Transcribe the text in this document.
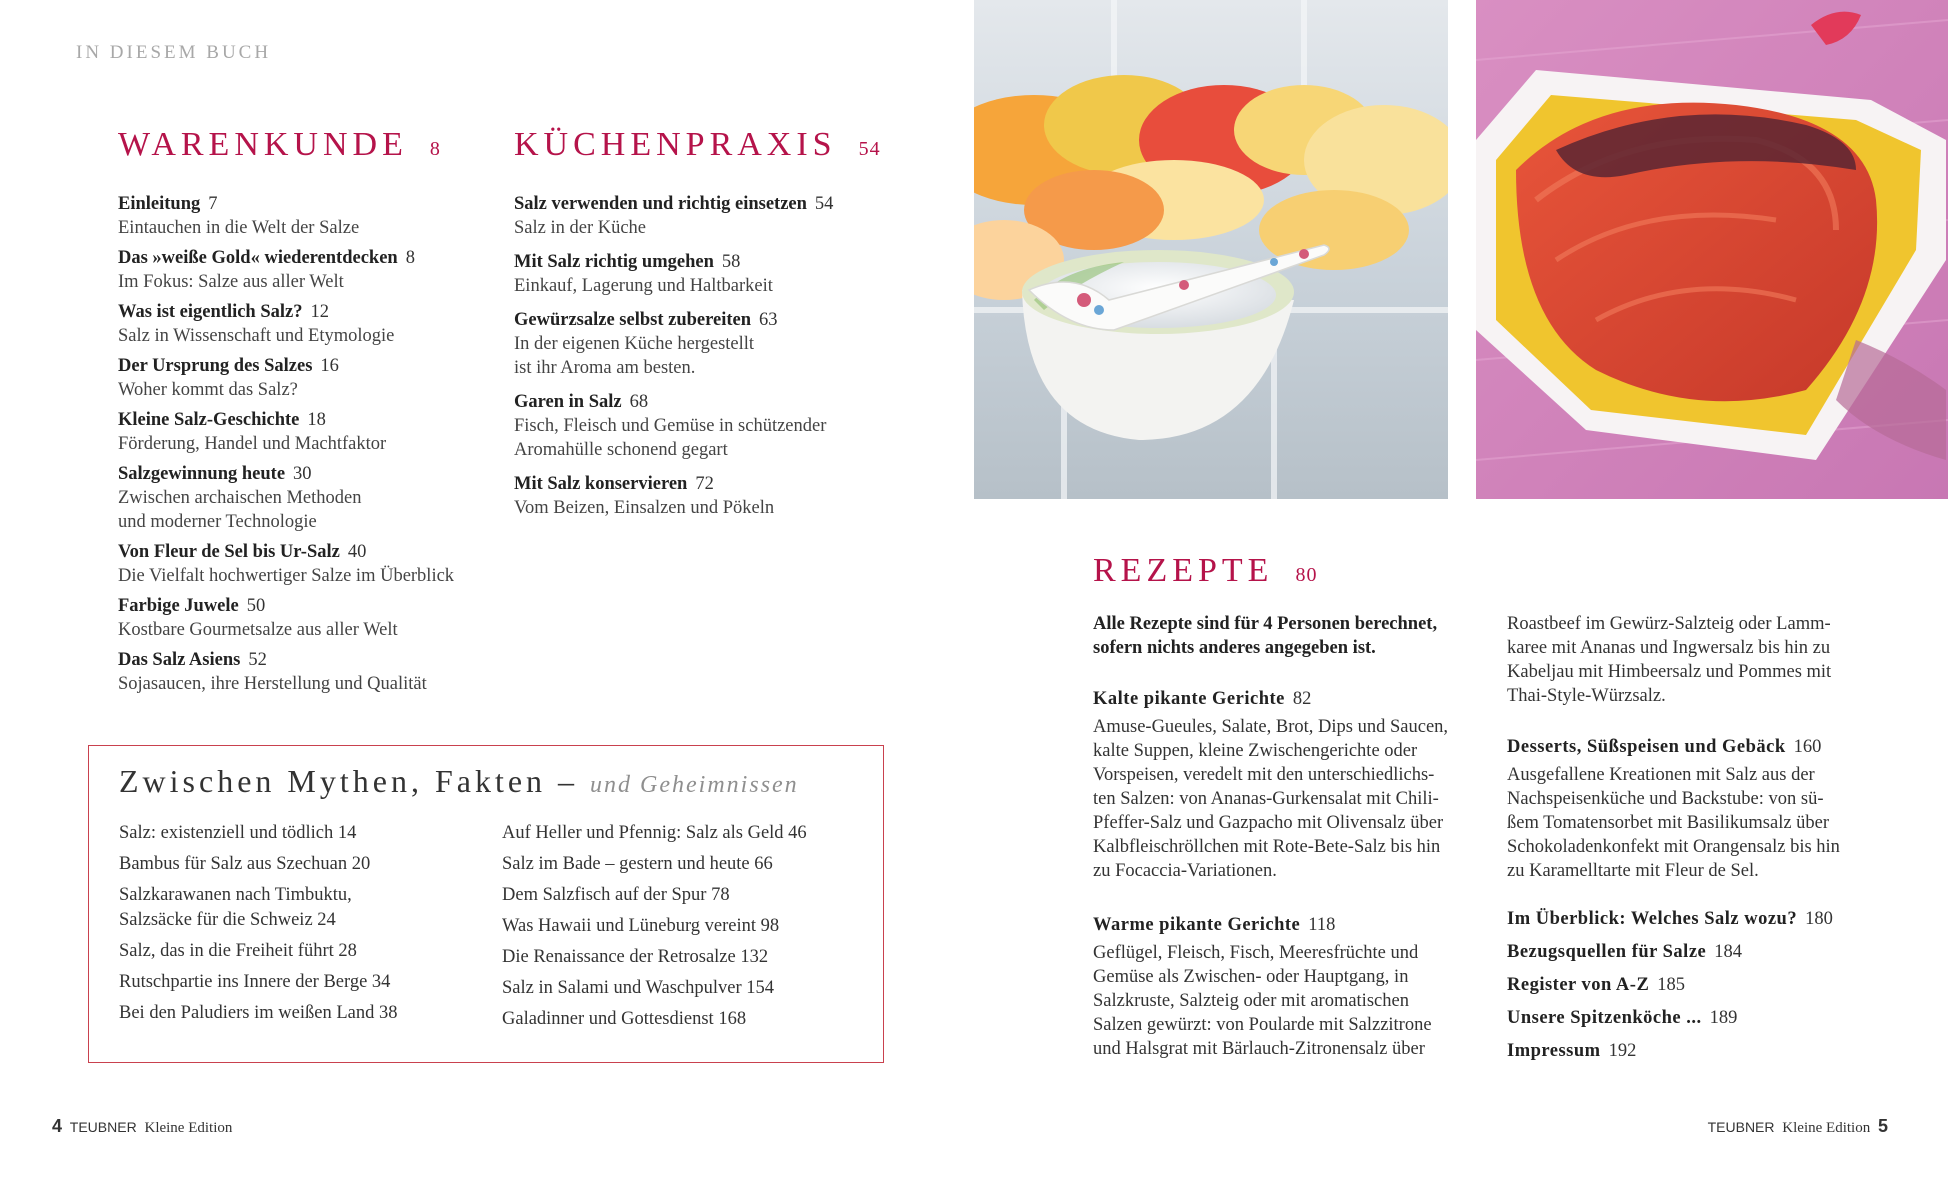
IN DIESEM BUCH
WARENKUNDE 8
Einleitung 7
Eintauchen in die Welt der Salze
Das »weiße Gold« wiederentdecken 8
Im Fokus: Salze aus aller Welt
Was ist eigentlich Salz? 12
Salz in Wissenschaft und Etymologie
Der Ursprung des Salzes 16
Woher kommt das Salz?
Kleine Salz-Geschichte 18
Förderung, Handel und Machtfaktor
Salzgewinnung heute 30
Zwischen archaischen Methoden
und moderner Technologie
Von Fleur de Sel bis Ur-Salz 40
Die Vielfalt hochwertiger Salze im Überblick
Farbige Juwele 50
Kostbare Gourmetsalze aus aller Welt
Das Salz Asiens 52
Sojasaucen, ihre Herstellung und Qualität
KÜCHENPRAXIS 54
Salz verwenden und richtig einsetzen 54
Salz in der Küche
Mit Salz richtig umgehen 58
Einkauf, Lagerung und Haltbarkeit
Gewürzsalze selbst zubereiten 63
In der eigenen Küche hergestellt
ist ihr Aroma am besten.
Garen in Salz 68
Fisch, Fleisch und Gemüse in schützender
Aromahülle schonend gegart
Mit Salz konservieren 72
Vom Beizen, Einsalzen und Pökeln
Zwischen Mythen, Fakten – und Geheimnissen
Salz: existenziell und tödlich 14
Bambus für Salz aus Szechuan 20
Salzkarawanen nach Timbuktu,
Salzsäcke für die Schweiz 24
Salz, das in die Freiheit führt 28
Rutschpartie ins Innere der Berge 34
Bei den Paludiers im weißen Land 38
Auf Heller und Pfennig: Salz als Geld 46
Salz im Bade – gestern und heute 66
Dem Salzfisch auf der Spur 78
Was Hawaii und Lüneburg vereint 98
Die Renaissance der Retrosalze 132
Salz in Salami und Waschpulver 154
Galadinner und Gottesdienst 168
REZEPTE 80
Alle Rezepte sind für 4 Personen berechnet,
sofern nichts anderes angegeben ist.
Kalte pikante Gerichte 82
Amuse-Gueules, Salate, Brot, Dips und Saucen,
kalte Suppen, kleine Zwischengerichte oder
Vorspeisen, veredelt mit den unterschiedlichs-
ten Salzen: von Ananas-Gurkensalat mit Chili-
Pfeffer-Salz und Gazpacho mit Olivensalz über
Kalbfleischröllchen mit Rote-Bete-Salz bis hin
zu Focaccia-Variationen.
Warme pikante Gerichte 118
Geflügel, Fleisch, Fisch, Meeresfrüchte und
Gemüse als Zwischen- oder Hauptgang, in
Salzkruste, Salzteig oder mit aromatischen
Salzen gewürzt: von Poularde mit Salzzitrone
und Halsgrat mit Bärlauch-Zitronensalz über
Roastbeef im Gewürz-Salzteig oder Lamm-
karee mit Ananas und Ingwersalz bis hin zu
Kabeljau mit Himbeersalz und Pommes mit
Thai-Style-Würzsalz.
Desserts, Süßspeisen und Gebäck 160
Ausgefallene Kreationen mit Salz aus der
Nachspeisenküche und Backstube: von sü-
ßem Tomatensorbet mit Basilikumsalz über
Schokoladenkonfekt mit Orangensalz bis hin
zu Karamelltarte mit Fleur de Sel.
Im Überblick: Welches Salz wozu? 180
Bezugsquellen für Salze 184
Register von A-Z 185
Unsere Spitzenköche ... 189
Impressum 192
4 TEUBNER Kleine Edition	TEUBNER Kleine Edition 5
